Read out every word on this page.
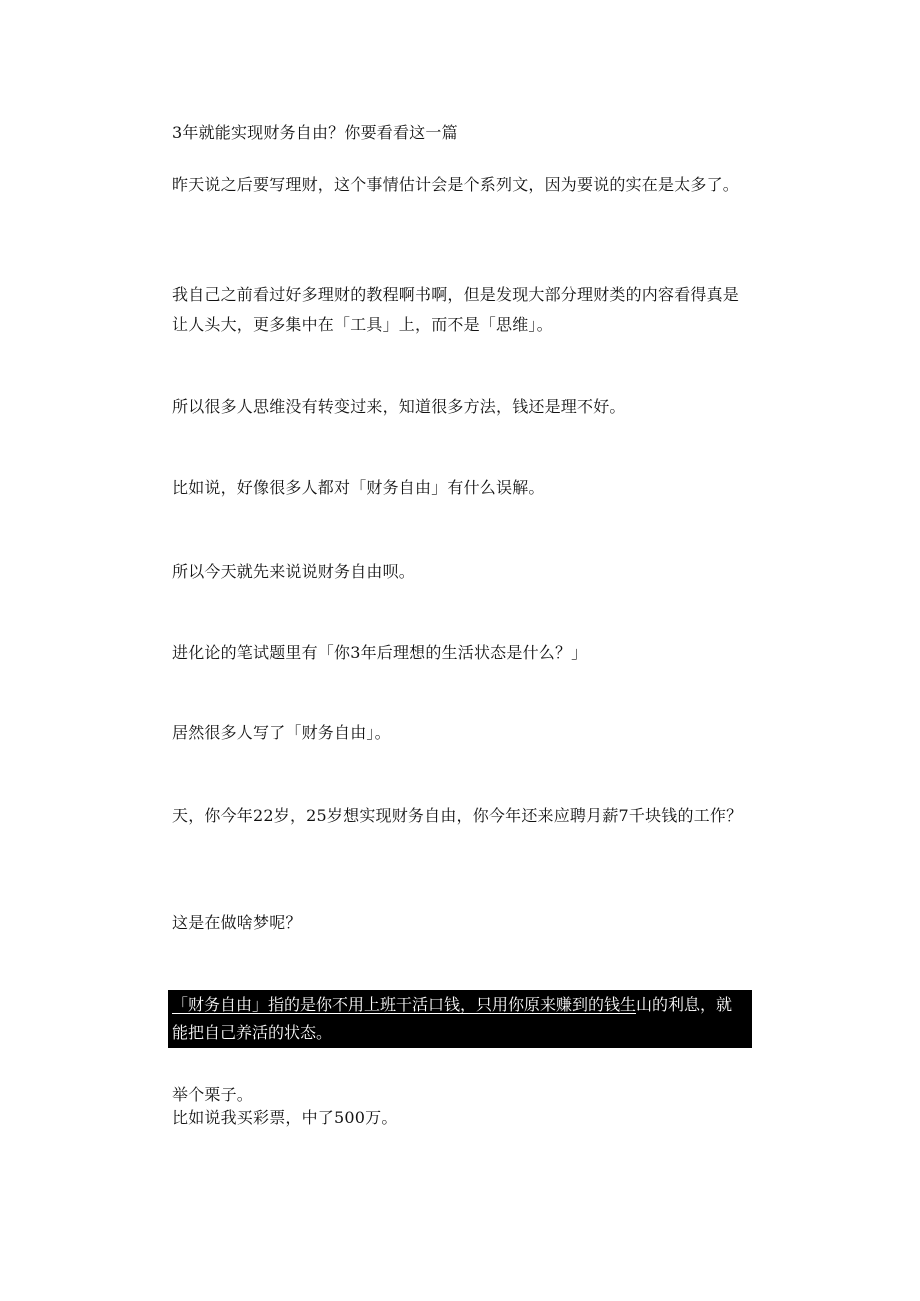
3年就能实现财务自由？你要看看这一篇

昨天说之后要写理财，这个事情估计会是个系列文，因为要说的实在是太多了。

我自己之前看过好多理财的教程啊书啊，但是发现大部分理财类的内容看得真是让人头大，更多集中在「工具」上，而不是「思维」。

所以很多人思维没有转变过来，知道很多方法，钱还是理不好。

比如说，好像很多人都对「财务自由」有什么误解。

所以今天就先来说说财务自由呗。

进化论的笔试题里有「你3年后理想的生活状态是什么？」

居然很多人写了「财务自由」。

天，你今年22岁，25岁想实现财务自由，你今年还来应聘月薪7千块钱的工作？

这是在做啥梦呢？

「财务自由」指的是你不用上班干活口钱，只用你原来赚到的钱生山的利息，就能把自己养活的状态。

举个栗子。

比如说我买彩票，中了500万。
